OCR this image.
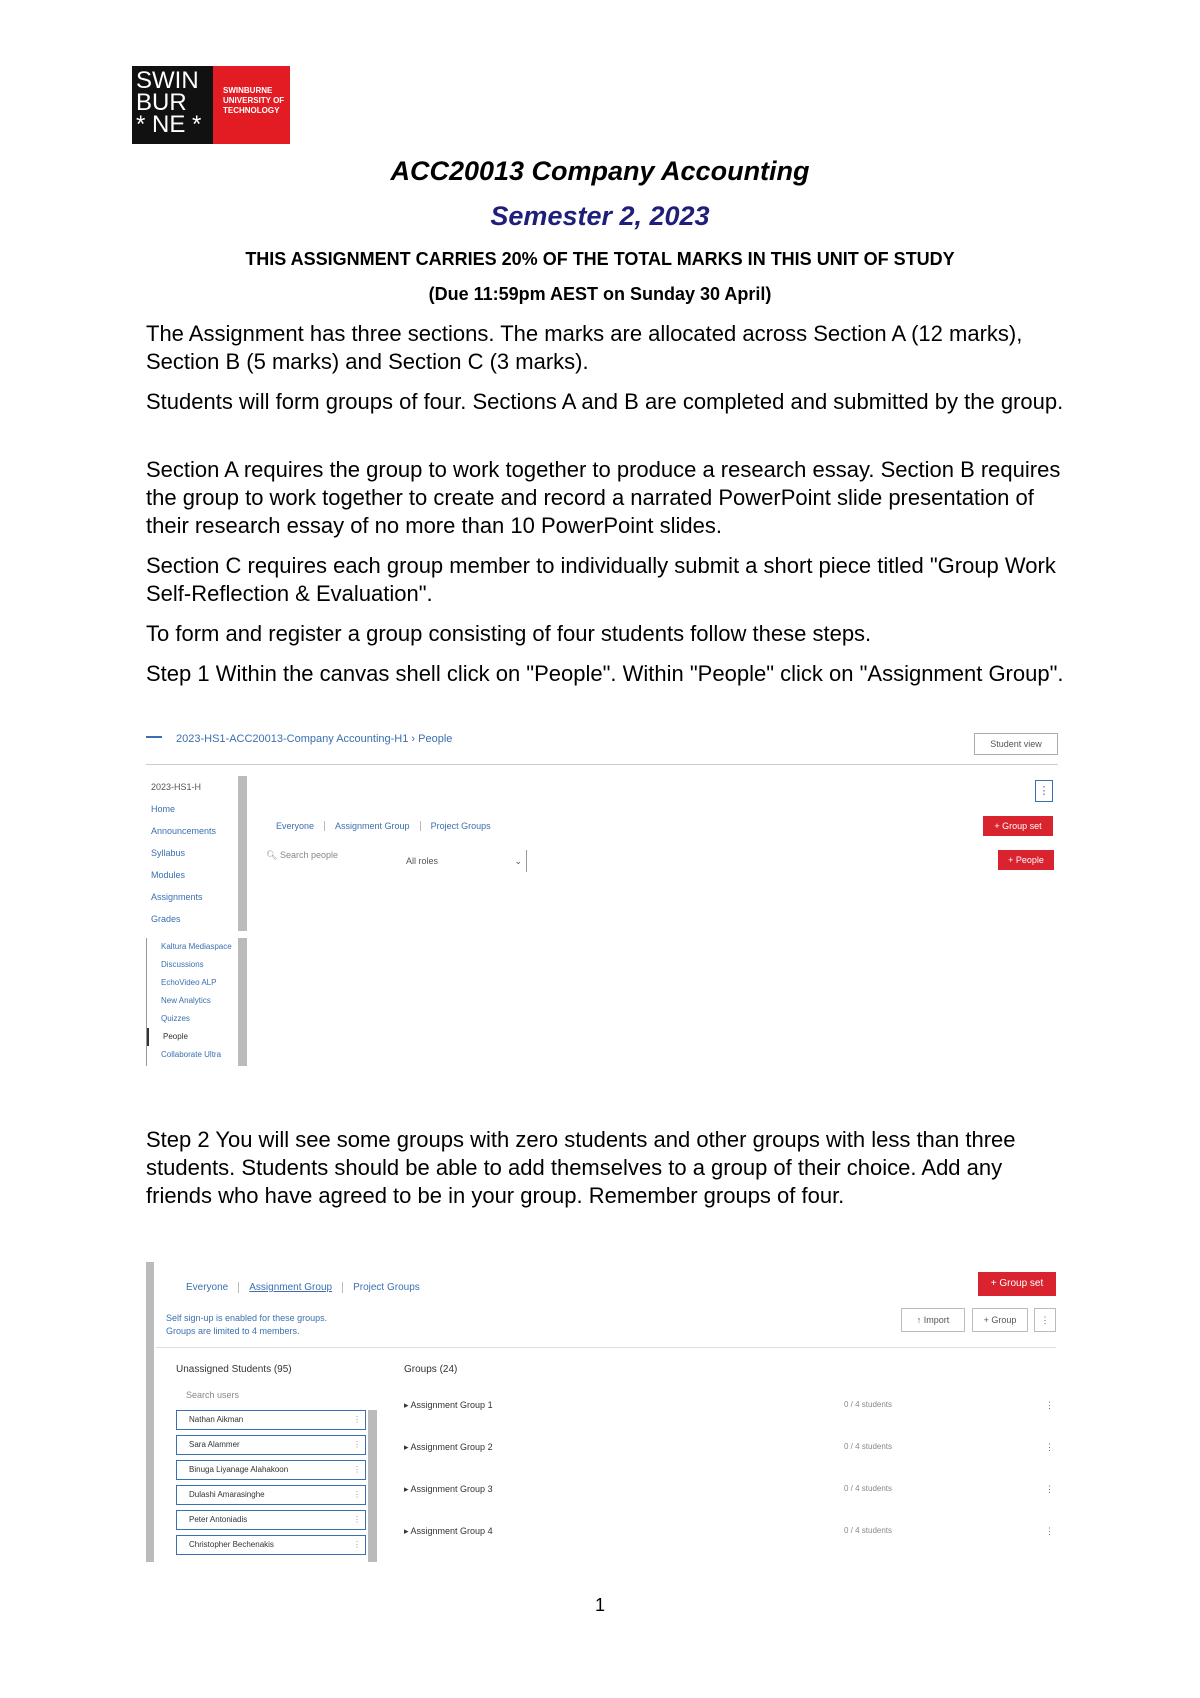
SWIN
BUR
* NE *
SWINBURNE
UNIVERSITY OF
TECHNOLOGY
ACC20013 Company Accounting
Semester 2, 2023
THIS ASSIGNMENT CARRIES 20% OF THE TOTAL MARKS IN THIS UNIT OF STUDY
(Due 11:59pm AEST on Sunday 30 April)
The Assignment has three sections. The marks are allocated across Section A (12 marks), Section B (5 marks) and Section C (3 marks).
Students will form groups of four. Sections A and B are completed and submitted by the group.
Section A requires the group to work together to produce a research essay. Section B requires the group to work together to create and record a narrated PowerPoint slide presentation of their research essay of no more than 10 PowerPoint slides.
Section C requires each group member to individually submit a short piece titled "Group Work Self-Reflection & Evaluation".
To form and register a group consisting of four students follow these steps.
Step 1 Within the canvas shell click on "People". Within "People" click on "Assignment Group".
2023-HS1-ACC20013-Company Accounting-H1 › People	Student view
2023-HS1-H
Home
Announcements
Syllabus
Modules
Assignments
Grades
Kaltura Mediaspace
Discussions
EchoVideo ALP
New Analytics
Quizzes
People
Collaborate Ultra
Everyone	Assignment Group	Project Groups
🔍︎ Search people
All roles	⌄
⋮
+ Group set
+ People
Step 2 You will see some groups with zero students and other groups with less than three students. Students should be able to add themselves to a group of their choice. Add any friends who have agreed to be in your group. Remember groups of four.
Everyone	Assignment Group	Project Groups
Self sign-up is enabled for these groups.
Groups are limited to 4 members.
+ Group set
↑ Import	+ Group	⋮
Unassigned Students (95)	Groups (24)
Search users
Nathan Aikman ⋮
Sara Alammer ⋮
Binuga Liyanage Alahakoon ⋮
Dulashi Amarasinghe ⋮
Peter Antoniadis ⋮
Christopher Bechenakis ⋮
▸ Assignment Group 1	0 / 4 students	⋮
▸ Assignment Group 2	0 / 4 students	⋮
▸ Assignment Group 3	0 / 4 students	⋮
▸ Assignment Group 4	0 / 4 students	⋮
1
